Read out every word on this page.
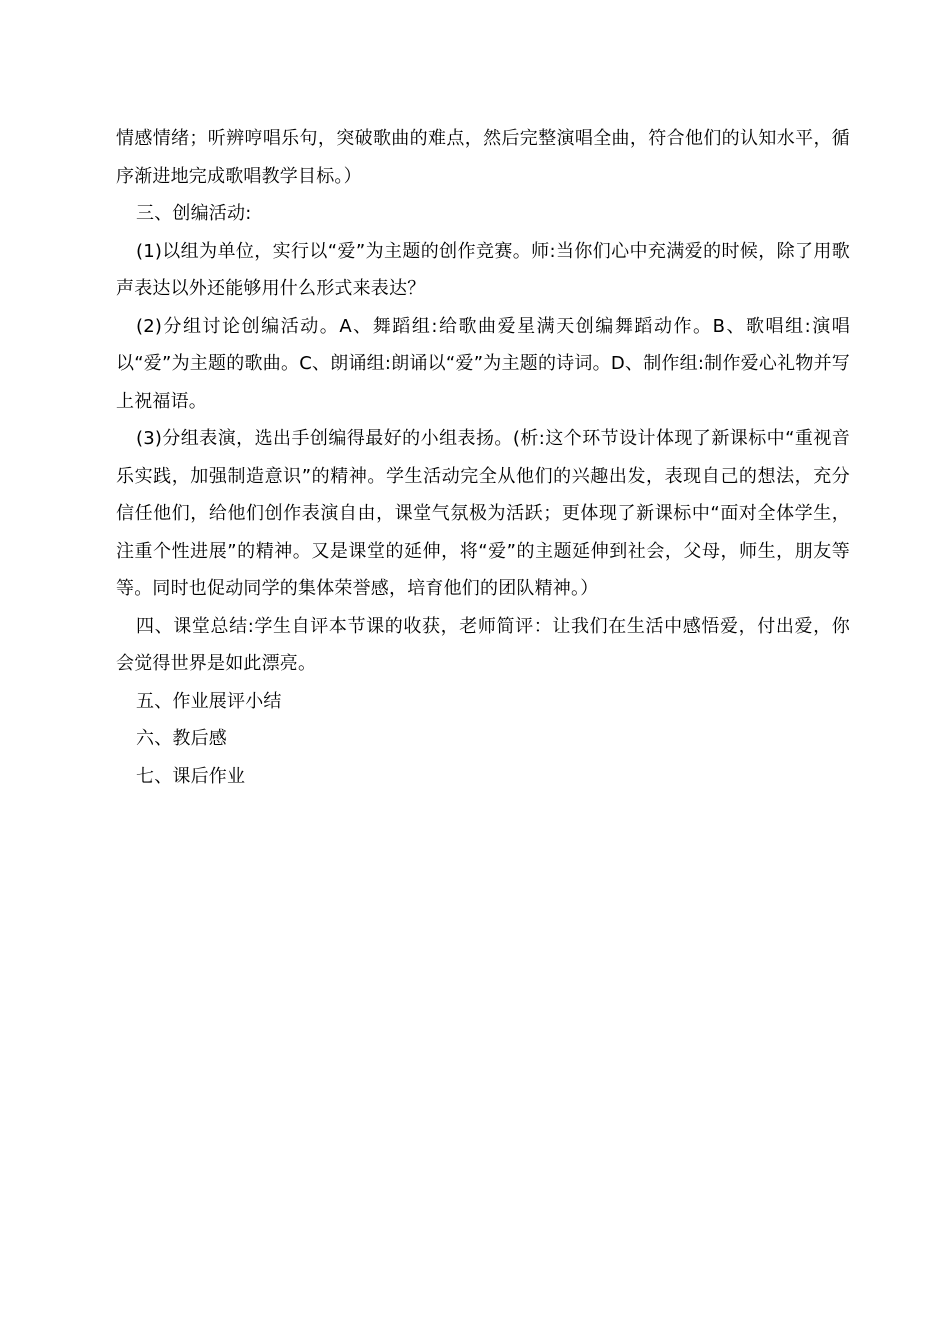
情感情绪；听辨哼唱乐句，突破歌曲的难点，然后完整演唱全曲，符合他们的认知水平，循序渐进地完成歌唱教学目标。）

三、创编活动:

(1)以组为单位，实行以“爱”为主题的创作竞赛。师:当你们心中充满爱的时候，除了用歌声表达以外还能够用什么形式来表达？

(2)分组讨论创编活动。A、舞蹈组:给歌曲爱星满天创编舞蹈动作。B、歌唱组:演唱以“爱”为主题的歌曲。C、朗诵组:朗诵以“爱”为主题的诗词。D、制作组:制作爱心礼物并写上祝福语。

(3)分组表演，选出手创编得最好的小组表扬。(析:这个环节设计体现了新课标中“重视音乐实践，加强制造意识”的精神。学生活动完全从他们的兴趣出发，表现自己的想法，充分信任他们，给他们创作表演自由，课堂气氛极为活跃；更体现了新课标中“面对全体学生，注重个性进展”的精神。又是课堂的延伸，将“爱”的主题延伸到社会，父母，师生，朋友等等。同时也促动同学的集体荣誉感，培育他们的团队精神。）

四、课堂总结:学生自评本节课的收获，老师简评：让我们在生活中感悟爱，付出爱，你会觉得世界是如此漂亮。

五、作业展评小结

六、教后感

七、课后作业
